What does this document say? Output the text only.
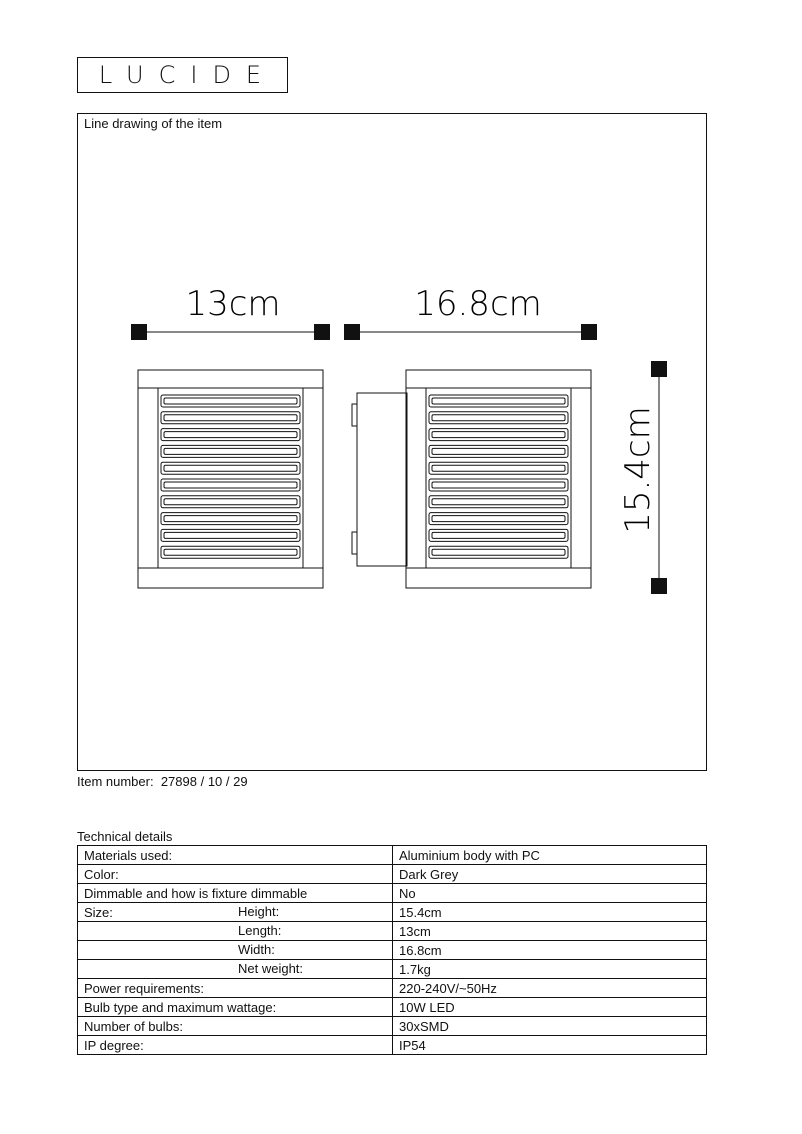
LUCIDE
Line drawing of the item
13cm	16.8cm
15.4cm
Item number: 27898 / 10 / 29
Technical details
Materials used:	Aluminium body with PC
Color:	Dark Grey
Dimmable and how is fixture dimmable	No
Size: Height:	15.4cm

Length:	13cm

Width:	16.8cm

Net weight:	1.7kg
Power requirements:	220-240V/~50Hz
Bulb type and maximum wattage:	10W LED
Number of bulbs:	30xSMD
IP degree:	IP54
